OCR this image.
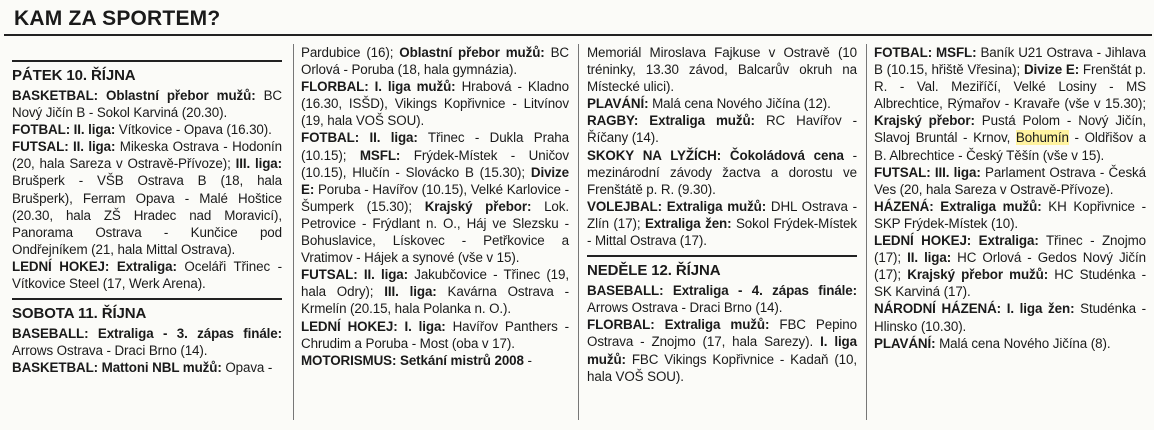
KAM ZA SPORTEM?
PÁTEK 10. ŘÍJNA

BASKETBAL: Oblastní přebor mužů: BC Nový Jičín B - Sokol Karviná (20.30).

FOTBAL: II. liga: Vítkovice - Opava (16.30).

FUTSAL: II. liga: Mikeska Ostrava - Hodonín (20, hala Sareza v Ostravě-Přívoze); III. liga: Brušperk - VŠB Ostrava B (18, hala Brušperk), Ferram Opava - Malé Hoštice (20.30, hala ZŠ Hradec nad Moravicí), Panorama Ostrava - Kunčice pod Ondřejníkem (21, hala Mittal Ostrava).

LEDNÍ HOKEJ: Extraliga: Oceláři Třinec - Vítkovice Steel (17, Werk Arena).

SOBOTA 11. ŘÍJNA

BASEBALL: Extraliga - 3. zápas finále: Arrows Ostrava - Draci Brno (14).

BASKETBAL: Mattoni NBL mužů: Opava -

Pardubice (16); Oblastní přebor mužů: BC Orlová - Poruba (18, hala gymnázia).

FLORBAL: I. liga mužů: Hrabová - Kladno (16.30, ISŠD), Vikings Kopřivnice - Litvínov (19, hala VOŠ SOU).

FOTBAL: II. liga: Třinec - Dukla Praha (10.15); MSFL: Frýdek-Místek - Uničov (10.15), Hlučín - Slovácko B (15.30); Divize E: Poruba - Havířov (10.15), Velké Karlovice - Šumperk (15.30); Krajský přebor: Lok. Petrovice - Frýdlant n. O., Háj ve Slezsku - Bohuslavice, Lískovec - Petřkovice a Vratimov - Hájek a synové (vše v 15).

FUTSAL: II. liga: Jakubčovice - Třinec (19, hala Odry); III. liga: Kavárna Ostrava - Krmelín (20.15, hala Polanka n. O.).

LEDNÍ HOKEJ: I. liga: Havířov Panthers - Chrudim a Poruba - Most (oba v 17).

MOTORISMUS: Setkání mistrů 2008 -

Memoriál Miroslava Fajkuse v Ostravě (10 tréninky, 13.30 závod, Balcarův okruh na Místecké ulici).

PLAVÁNÍ: Malá cena Nového Jičína (12).

RAGBY: Extraliga mužů: RC Havířov - Říčany (14).

SKOKY NA LYŽÍCH: Čokoládová cena - mezinárodní závody žactva a dorostu ve Frenštátě p. R. (9.30).

VOLEJBAL: Extraliga mužů: DHL Ostrava - Zlín (17); Extraliga žen: Sokol Frýdek-Místek - Mittal Ostrava (17).

NEDĚLE 12. ŘÍJNA

BASEBALL: Extraliga - 4. zápas finále: Arrows Ostrava - Draci Brno (14).

FLORBAL: Extraliga mužů: FBC Pepino Ostrava - Znojmo (17, hala Sarezy). I. liga mužů: FBC Vikings Kopřivnice - Kadaň (10, hala VOŠ SOU).

FOTBAL: MSFL: Baník U21 Ostrava - Jihlava B (10.15, hřiště Vřesina); Divize E: Frenštát p. R. - Val. Meziříčí, Velké Losiny - MS Albrechtice, Rýmařov - Kravaře (vše v 15.30); Krajský přebor: Pustá Polom - Nový Jičín, Slavoj Bruntál - Krnov, Bohumín - Oldřišov a B. Albrechtice - Český Těšín (vše v 15).

FUTSAL: III. liga: Parlament Ostrava - Česká Ves (20, hala Sareza v Ostravě-Přívoze).

HÁZENÁ: Extraliga mužů: KH Kopřivnice - SKP Frýdek-Místek (10).

LEDNÍ HOKEJ: Extraliga: Třinec - Znojmo (17); II. liga: HC Orlová - Gedos Nový Jičín (17); Krajský přebor mužů: HC Studénka - SK Karviná (17).

NÁRODNÍ HÁZENÁ: I. liga žen: Studénka - Hlinsko (10.30).

PLAVÁNÍ: Malá cena Nového Jičína (8).
